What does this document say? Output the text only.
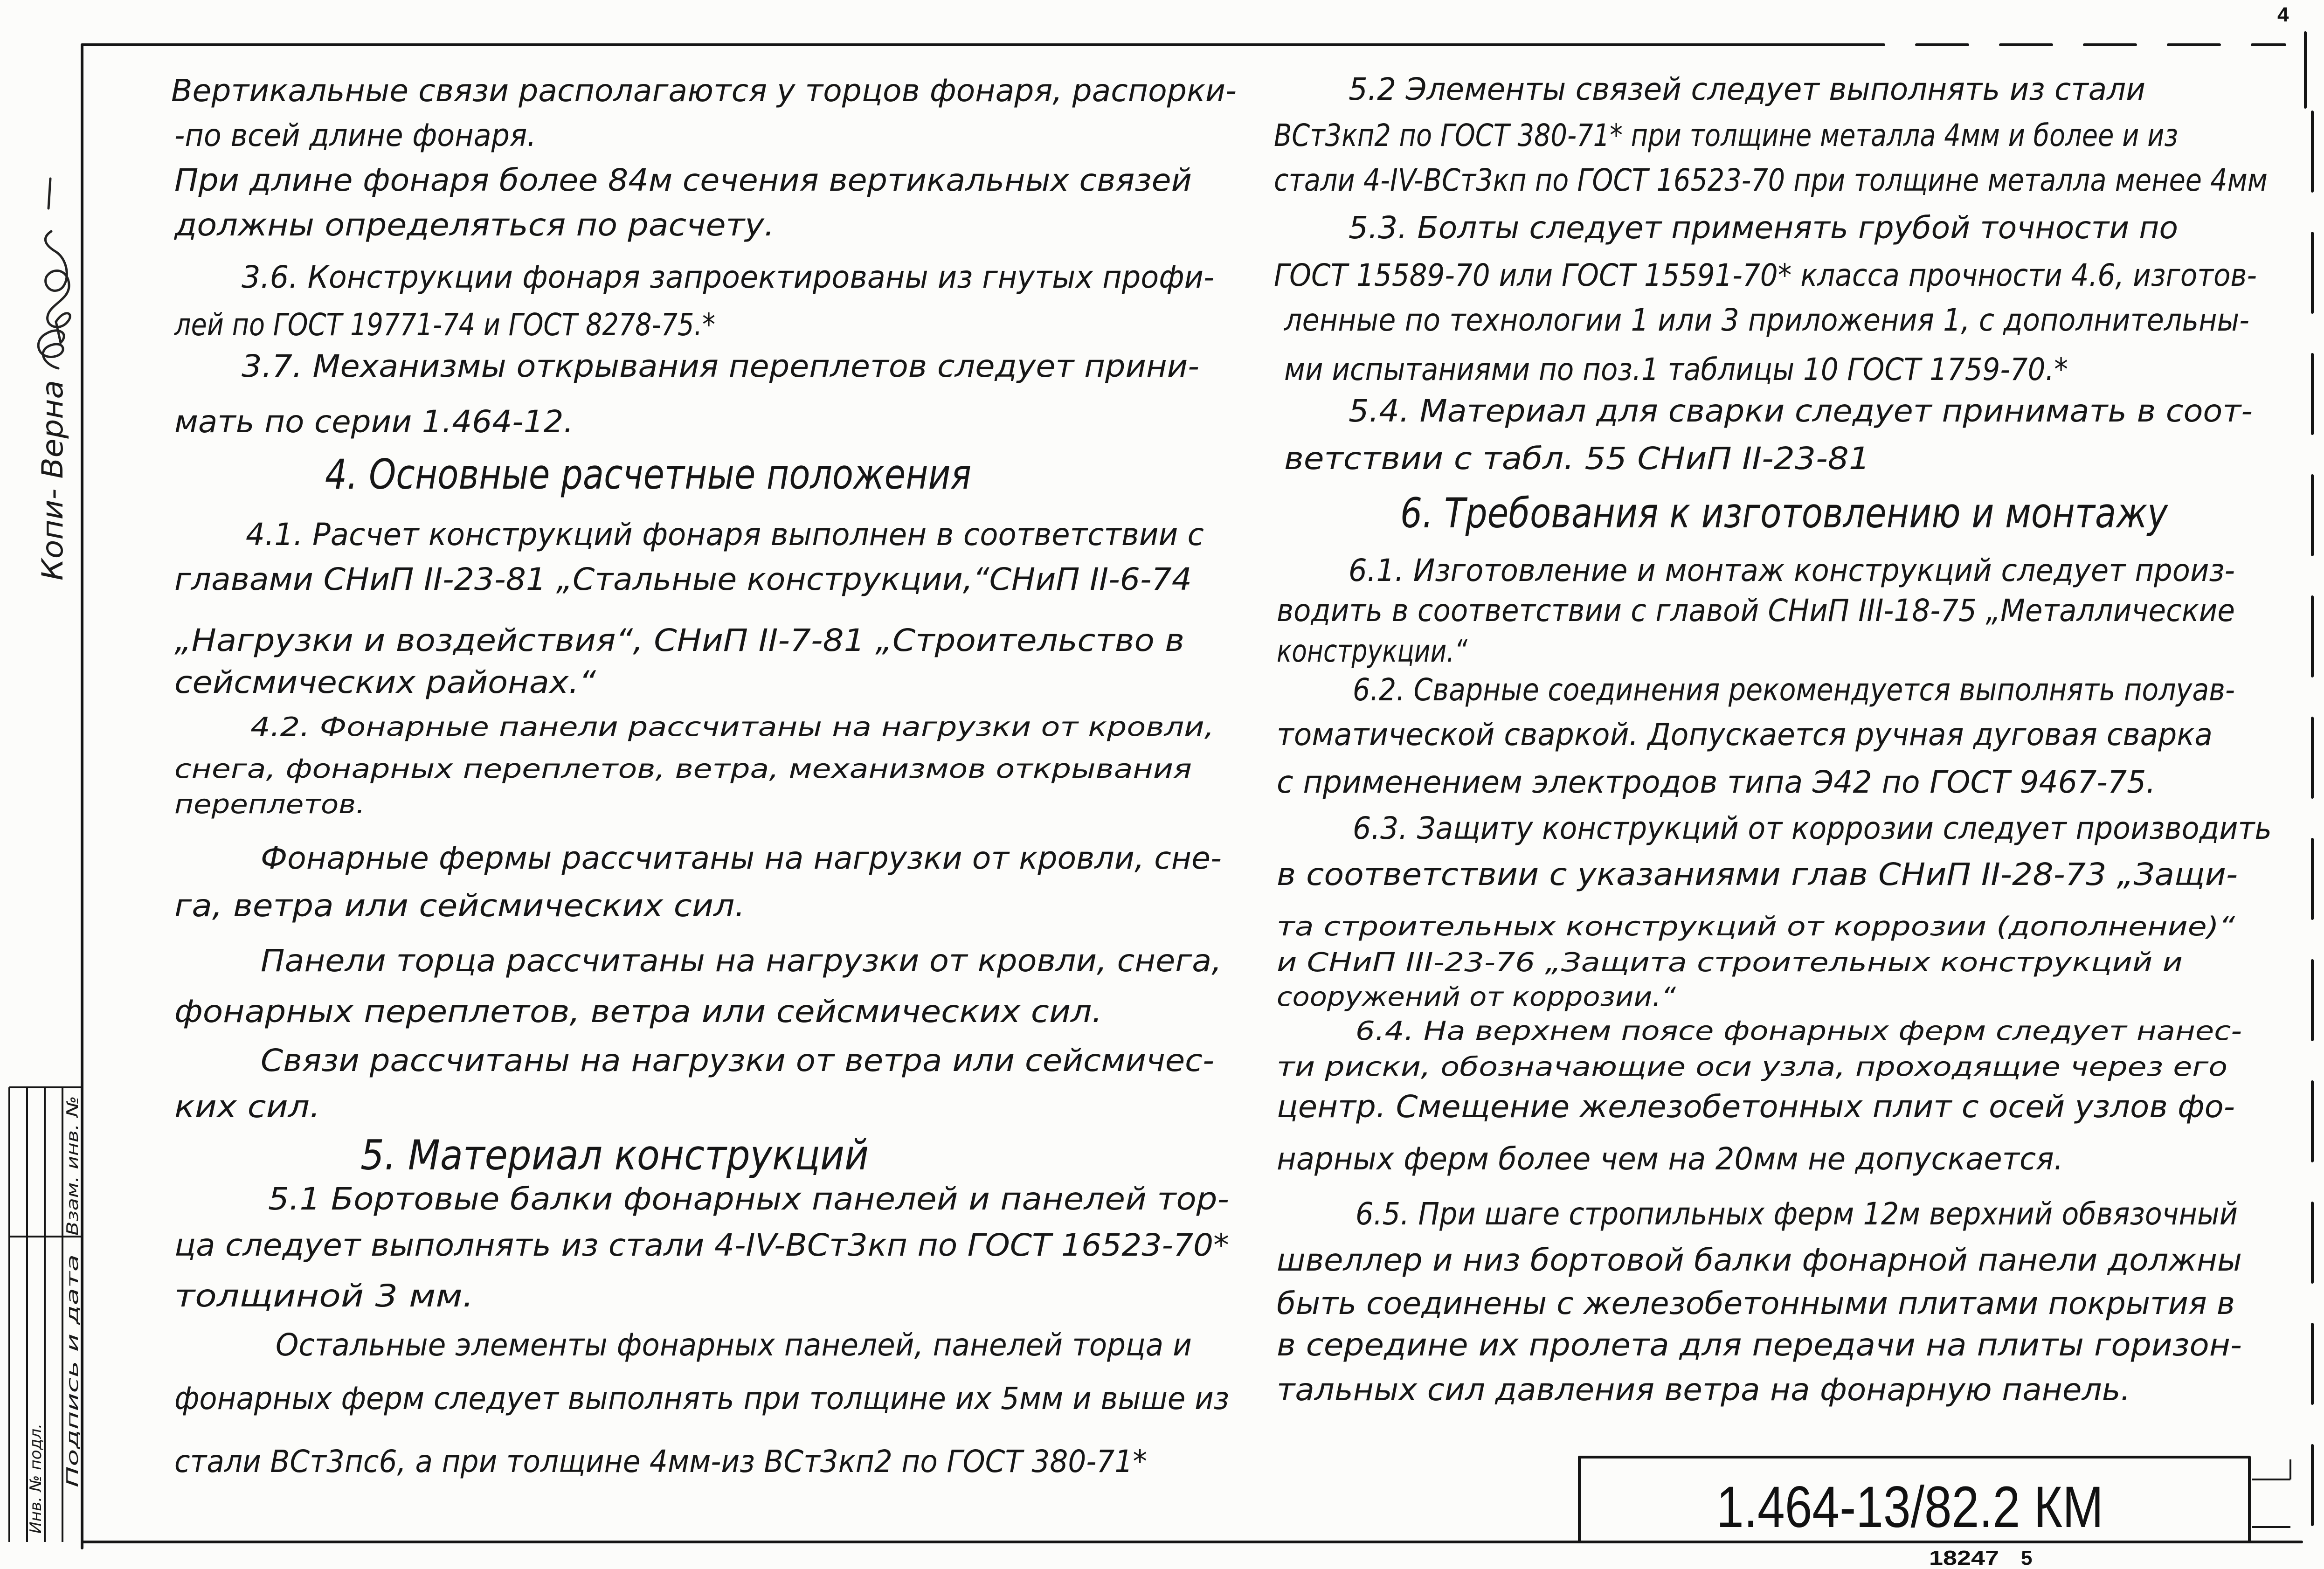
4
Копи- Верна
Взам. инв. №
Подпись и дата
Инв. № подл.
Вертикальные связи располагаются у торцов фонаря, распорки-
-по всей длине фонаря.
При длине фонаря более 84м сечения вертикальных связей
должны определяться по расчету.
3.6. Конструкции фонаря запроектированы из гнутых профи-
лей по ГОСТ 19771-74 и ГОСТ 8278-75.*
3.7. Механизмы открывания переплетов следует прини-
мать по серии 1.464-12.
4. Основные расчетные положения
4.1. Расчет конструкций фонаря выполнен в соответствии с
главами СНиП II-23-81 „Стальные конструкции,“СНиП II-6-74
„Нагрузки и воздействия“, СНиП II-7-81 „Строительство в
сейсмических районах.“
4.2. Фонарные панели рассчитаны на нагрузки от кровли,
снега, фонарных переплетов, ветра, механизмов открывания
переплетов.
Фонарные фермы рассчитаны на нагрузки от кровли, сне-
га, ветра или сейсмических сил.
Панели торца рассчитаны на нагрузки от кровли, снега,
фонарных переплетов, ветра или сейсмических сил.
Связи рассчитаны на нагрузки от ветра или сейсмичес-
ких сил.
5. Материал конструкций
5.1 Бортовые балки фонарных панелей и панелей тор-
ца следует выполнять из стали 4-IV-ВСт3кп по ГОСТ 16523-70*
толщиной 3 мм.
Остальные элементы фонарных панелей, панелей торца и
фонарных ферм следует выполнять при толщине их 5мм и выше из
стали ВСт3пс6, а при толщине 4мм-из ВСт3кп2 по ГОСТ 380-71*
5.2 Элементы связей следует выполнять из стали
ВСт3кп2 по ГОСТ 380-71* при толщине металла 4мм и более и из
стали 4-IV-ВСт3кп по ГОСТ 16523-70 при толщине металла менее 4мм
5.3. Болты следует применять грубой точности по
ГОСТ 15589-70 или ГОСТ 15591-70* класса прочности 4.6, изготов-
ленные по технологии 1 или 3 приложения 1, с дополнительны-
ми испытаниями по поз.1 таблицы 10 ГОСТ 1759-70.*
5.4. Материал для сварки следует принимать в соот-
ветствии с табл. 55 СНиП II-23-81
6. Требования к изготовлению и монтажу
6.1. Изготовление и монтаж конструкций следует произ-
водить в соответствии с главой СНиП III-18-75 „Металлические
конструкции.“
6.2. Сварные соединения рекомендуется выполнять полуав-
томатической сваркой. Допускается ручная дуговая сварка
с применением электродов типа Э42 по ГОСТ 9467-75.
6.3. Защиту конструкций от коррозии следует производить
в соответствии с указаниями глав СНиП II-28-73 „Защи-
та строительных конструкций от коррозии (дополнение)“
и СНиП III-23-76 „Защита строительных конструкций и
сооружений от коррозии.“
6.4. На верхнем поясе фонарных ферм следует нанес-
ти риски, обозначающие оси узла, проходящие через его
центр. Смещение железобетонных плит с осей узлов фо-
нарных ферм более чем на 20мм не допускается.
6.5. При шаге стропильных ферм 12м верхний обвязочный
швеллер и низ бортовой балки фонарной панели должны
быть соединены с железобетонными плитами покрытия в
в середине их пролета для передачи на плиты горизон-
тальных сил давления ветра на фонарную панель.
1.464-13/82.2 КМ
18247 5
